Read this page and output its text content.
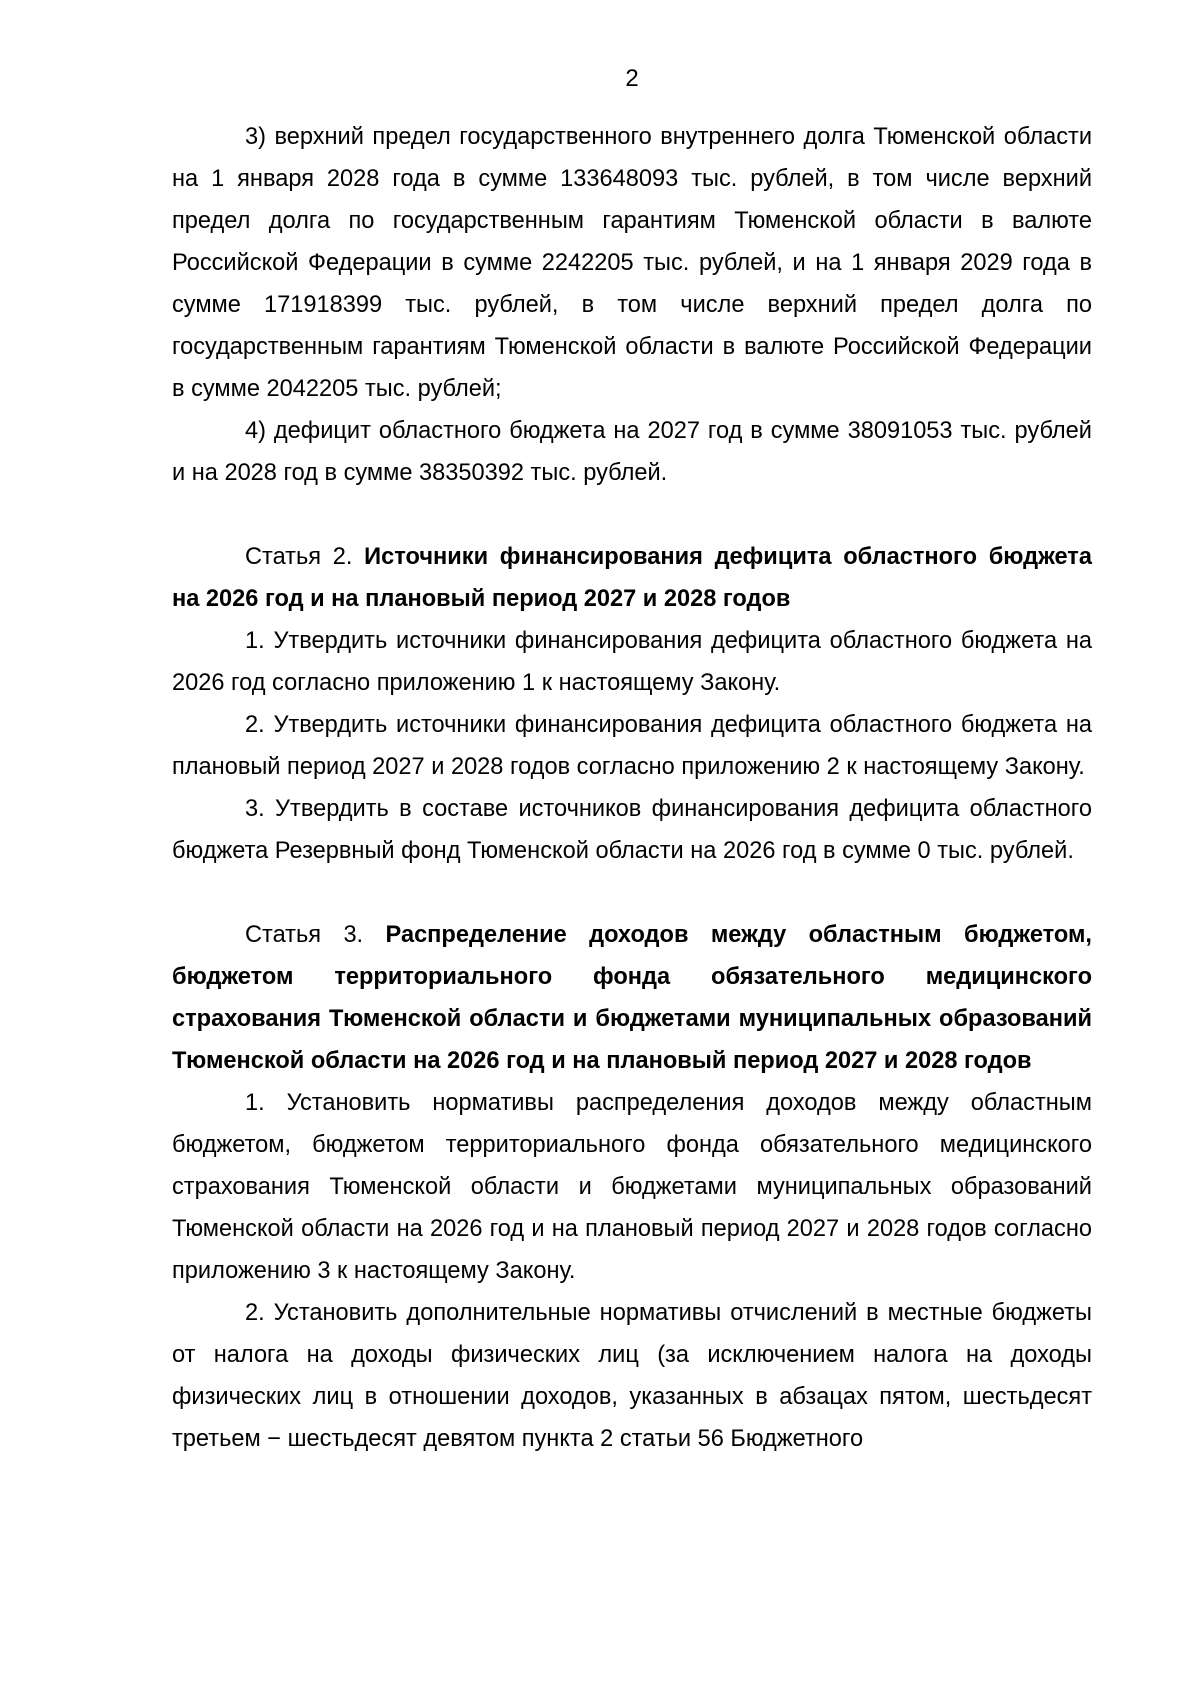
2

3) верхний предел государственного внутреннего долга Тюменской области на 1 января 2028 года в сумме 133648093 тыс. рублей, в том числе верхний предел долга по государственным гарантиям Тюменской области в валюте Российской Федерации в сумме 2242205 тыс. рублей, и на 1 января 2029 года в сумме 171918399 тыс. рублей, в том числе верхний предел долга по государственным гарантиям Тюменской области в валюте Российской Федерации в сумме 2042205 тыс. рублей;

4) дефицит областного бюджета на 2027 год в сумме 38091053 тыс. рублей и на 2028 год в сумме 38350392 тыс. рублей.

Статья 2. Источники финансирования дефицита областного бюджета на 2026 год и на плановый период 2027 и 2028 годов

1. Утвердить источники финансирования дефицита областного бюджета на 2026 год согласно приложению 1 к настоящему Закону.

2. Утвердить источники финансирования дефицита областного бюджета на плановый период 2027 и 2028 годов согласно приложению 2 к настоящему Закону.

3. Утвердить в составе источников финансирования дефицита областного бюджета Резервный фонд Тюменской области на 2026 год в сумме 0 тыс. рублей.

Статья 3. Распределение доходов между областным бюджетом, бюджетом территориального фонда обязательного медицинского страхования Тюменской области и бюджетами муниципальных образований Тюменской области на 2026 год и на плановый период 2027 и 2028 годов

1. Установить нормативы распределения доходов между областным бюджетом, бюджетом территориального фонда обязательного медицинского страхования Тюменской области и бюджетами муниципальных образований Тюменской области на 2026 год и на плановый период 2027 и 2028 годов согласно приложению 3 к настоящему Закону.

2. Установить дополнительные нормативы отчислений в местные бюджеты от налога на доходы физических лиц (за исключением налога на доходы физических лиц в отношении доходов, указанных в абзацах пятом, шестьдесят третьем − шестьдесят девятом пункта 2 статьи 56 Бюджетного
